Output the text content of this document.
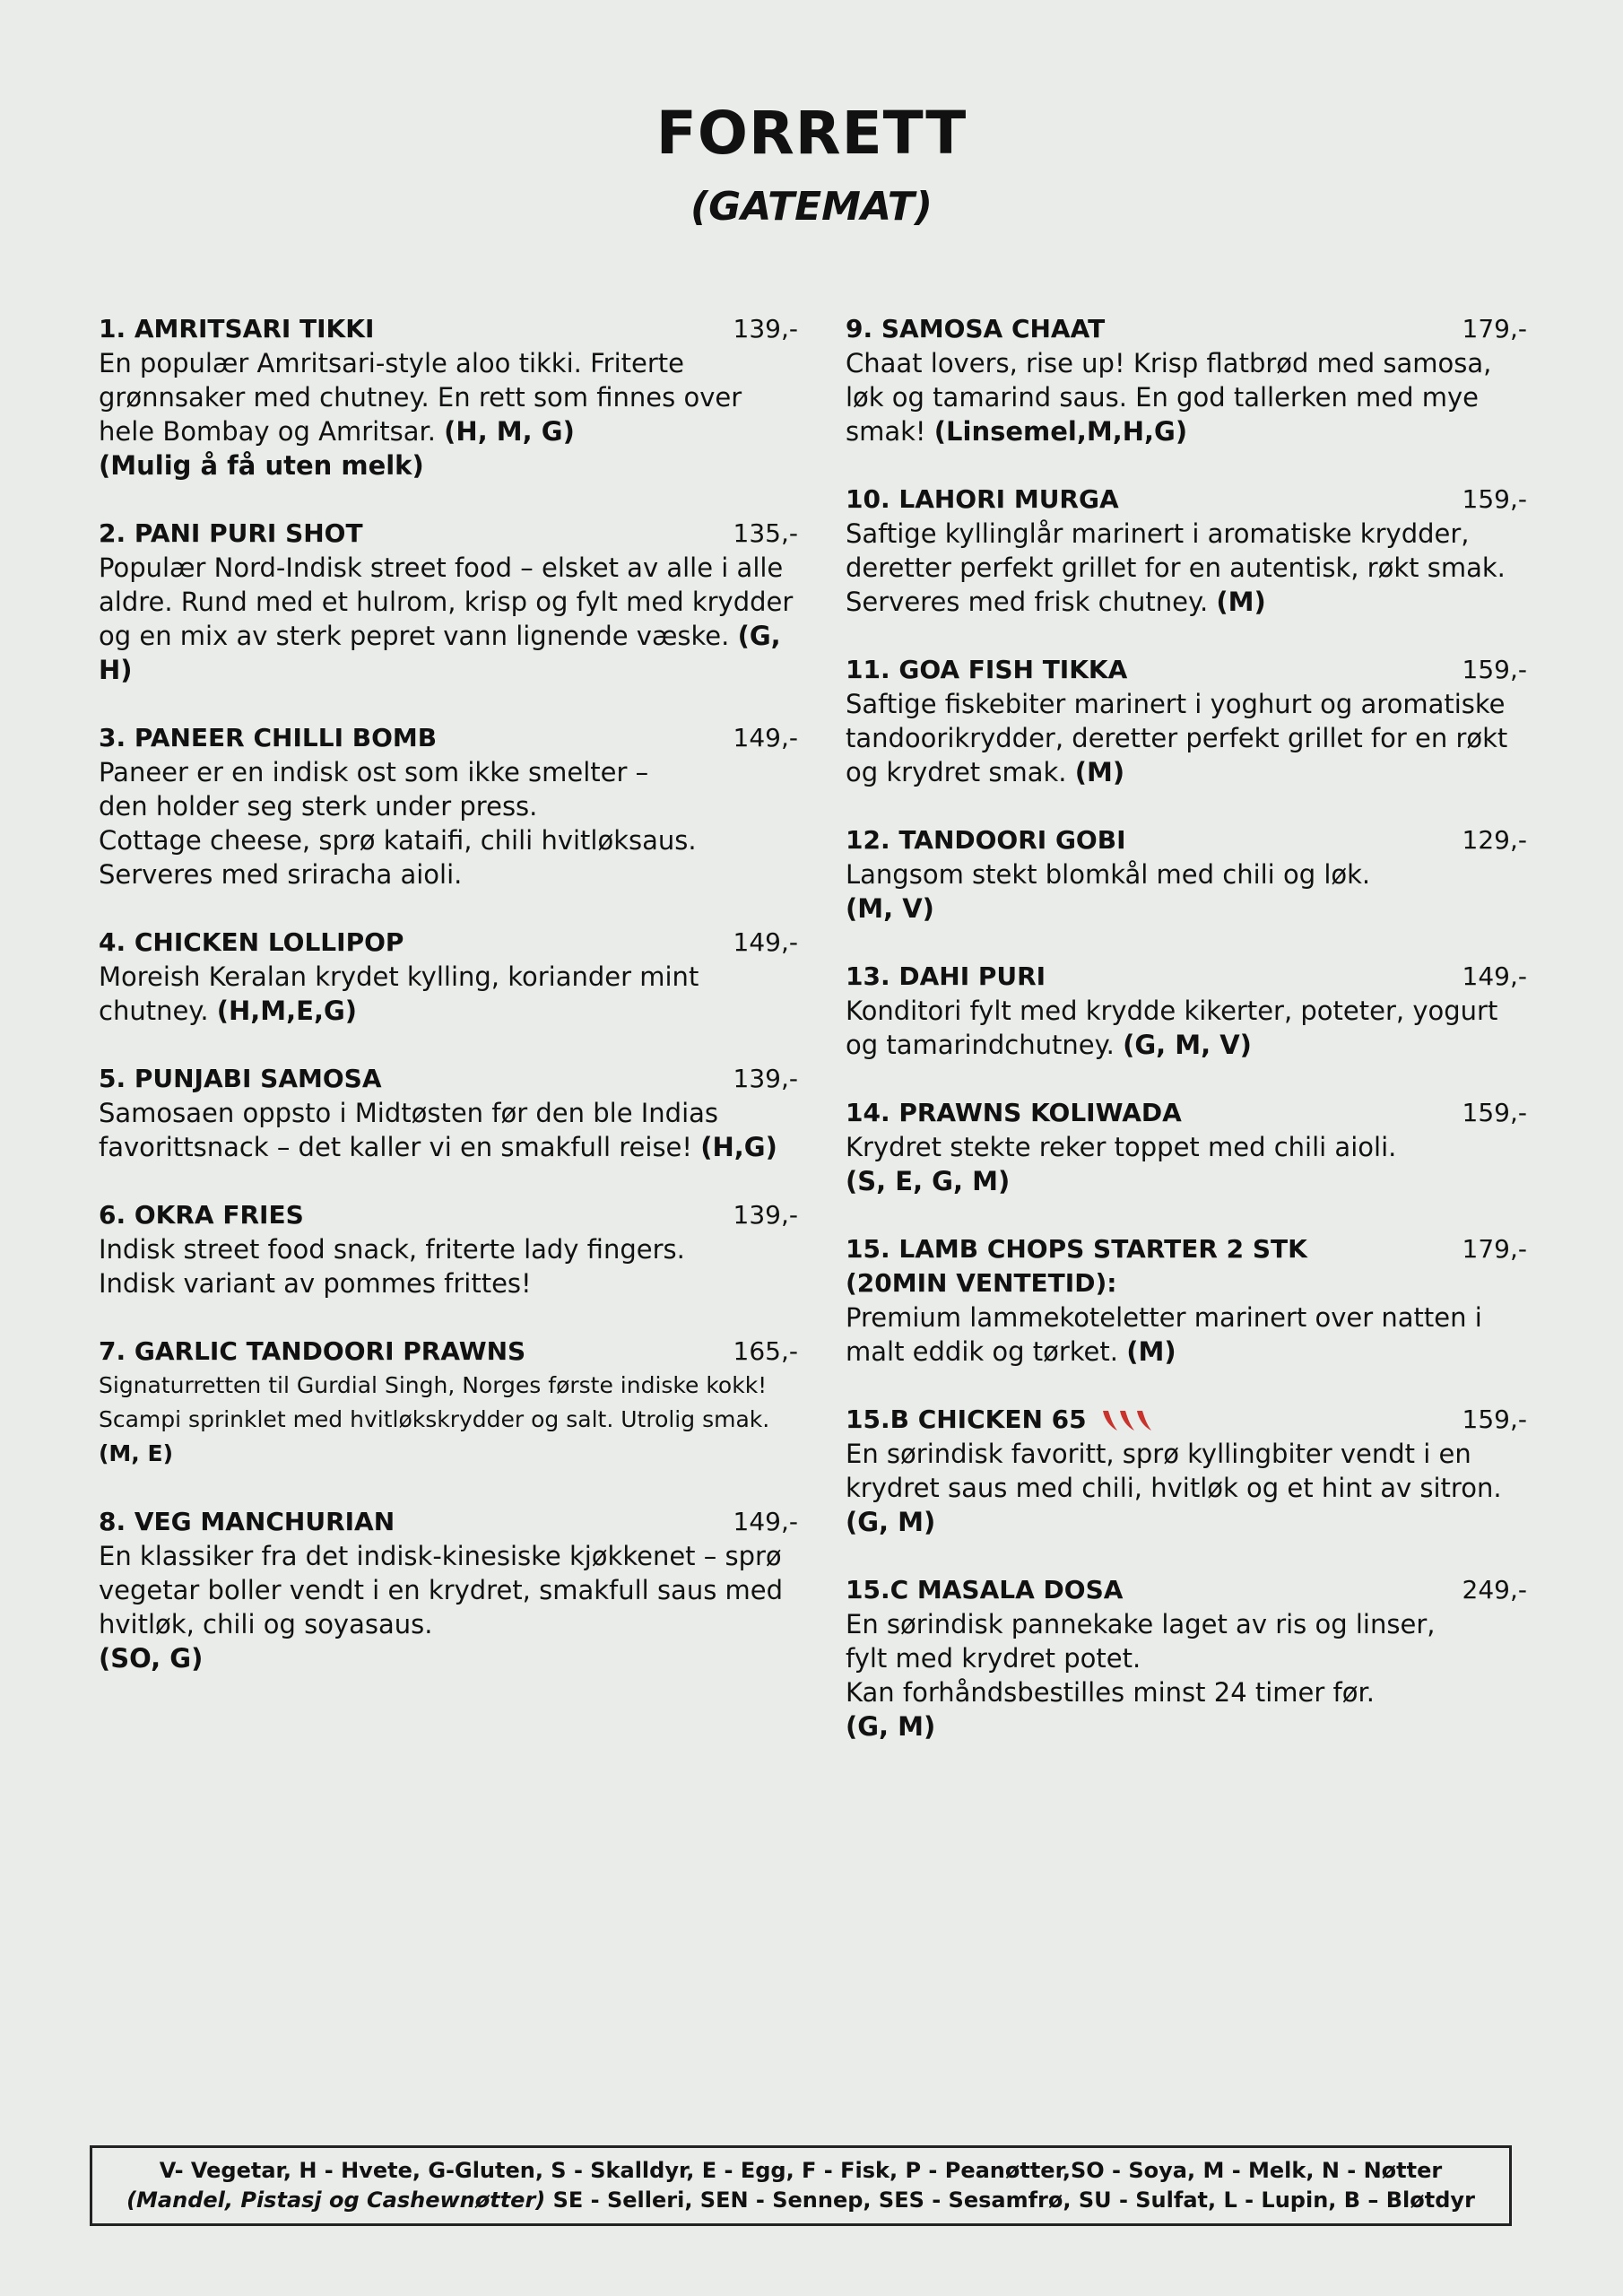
FORRETT
(GATEMAT)
1. AMRITSARI TIKKI	139,-
En populær Amritsari-style aloo tikki. Friterte grønnsaker med chutney. En rett som finnes over hele Bombay og Amritsar. (H, M, G)
(Mulig å få uten melk)
2. PANI PURI SHOT	135,-
Populær Nord-Indisk street food – elsket av alle i alle aldre. Rund med et hulrom, krisp og fylt med krydder og en mix av sterk pepret vann lignende væske. (G, H)
3. PANEER CHILLI BOMB	149,-
Paneer er en indisk ost som ikke smelter –
den holder seg sterk under press.
Cottage cheese, sprø kataifi, chili hvitløksaus.
Serveres med sriracha aioli.
4. CHICKEN LOLLIPOP	149,-
Moreish Keralan krydet kylling, koriander mint chutney. (H,M,E,G)
5. PUNJABI SAMOSA	139,-
Samosaen oppsto i Midtøsten før den ble Indias favorittsnack – det kaller vi en smakfull reise! (H,G)
6. OKRA FRIES	139,-
Indisk street food snack, friterte lady fingers.
Indisk variant av pommes frittes!
7. GARLIC TANDOORI PRAWNS	165,-
Signaturretten til Gurdial Singh, Norges første indiske kokk! Scampi sprinklet med hvitløkskrydder og salt. Utrolig smak. (M, E)
8. VEG MANCHURIAN	149,-
En klassiker fra det indisk-kinesiske kjøkkenet – sprø vegetar boller vendt i en krydret, smakfull saus med hvitløk, chili og soyasaus.
(SO, G)
9. SAMOSA CHAAT	179,-
Chaat lovers, rise up! Krisp flatbrød med samosa, løk og tamarind saus. En god tallerken med mye smak! (Linsemel,M,H,G)
10. LAHORI MURGA	159,-
Saftige kyllinglår marinert i aromatiske krydder, deretter perfekt grillet for en autentisk, røkt smak. Serveres med frisk chutney. (M)
11. GOA FISH TIKKA	159,-
Saftige fiskebiter marinert i yoghurt og aromatiske tandoorikrydder, deretter perfekt grillet for en røkt og krydret smak. (M)
12. TANDOORI GOBI	129,-
Langsom stekt blomkål med chili og løk.
(M, V)
13. DAHI PURI	149,-
Konditori fylt med krydde kikerter, poteter, yogurt og tamarindchutney. (G, M, V)
14. PRAWNS KOLIWADA	159,-
Krydret stekte reker toppet med chili aioli.
(S, E, G, M)
15. LAMB CHOPS STARTER 2 STK	179,-
(20MIN VENTETID):
Premium lammekoteletter marinert over natten i malt eddik og tørket. (M)
15.B CHICKEN 65	159,-
En sørindisk favoritt, sprø kyllingbiter vendt i en krydret saus med chili, hvitløk og et hint av sitron. (G, M)
15.C MASALA DOSA	249,-
En sørindisk pannekake laget av ris og linser,
fylt med krydret potet.
Kan forhåndsbestilles minst 24 timer før.
(G, M)
V- Vegetar, H - Hvete, G-Gluten, S - Skalldyr, E - Egg, F - Fisk, P - Peanøtter,SO - Soya, M - Melk, N - Nøtter
(Mandel, Pistasj og Cashewnøtter) SE - Selleri, SEN - Sennep, SES - Sesamfrø, SU - Sulfat, L - Lupin, B – Bløtdyr
